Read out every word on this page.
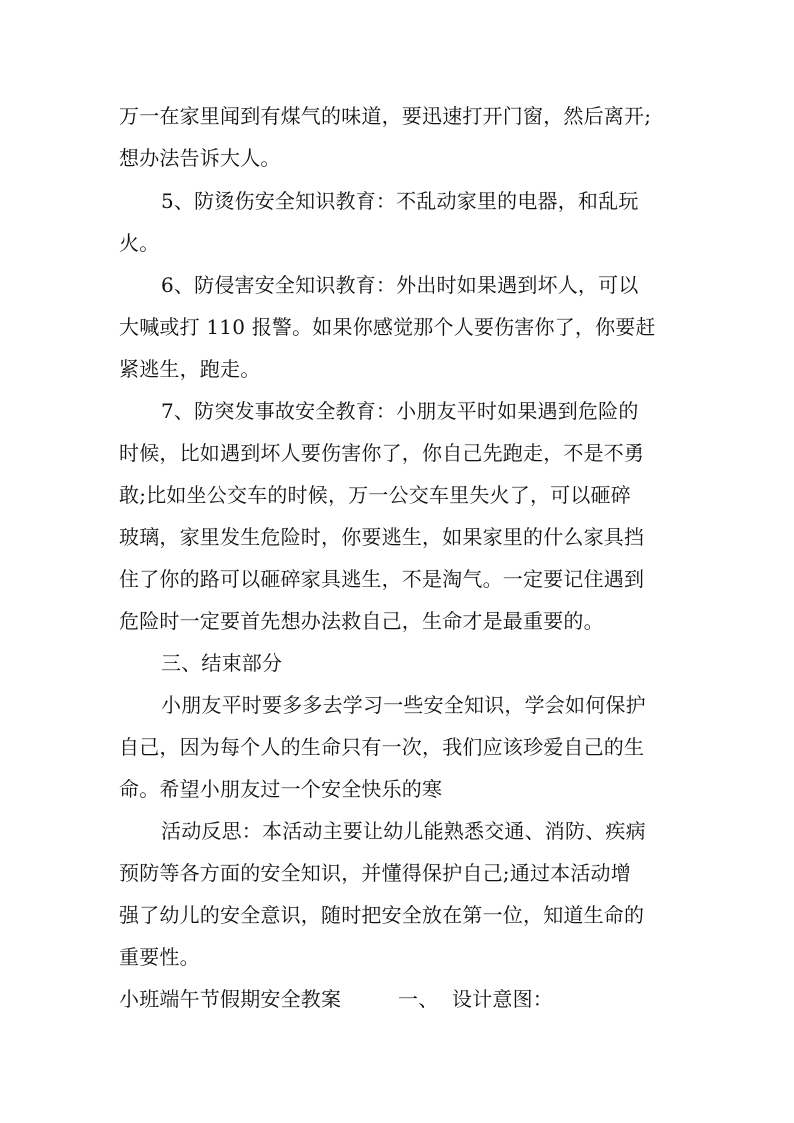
万一在家里闻到有煤气的味道，要迅速打开门窗，然后离开;
想办法告诉大人。
5、防烫伤安全知识教育：不乱动家里的电器，和乱玩
火。
6、防侵害安全知识教育：外出时如果遇到坏人，可以
大喊或打 110 报警。如果你感觉那个人要伤害你了，你要赶
紧逃生，跑走。
7、防突发事故安全教育：小朋友平时如果遇到危险的
时候，比如遇到坏人要伤害你了，你自己先跑走，不是不勇
敢;比如坐公交车的时候，万一公交车里失火了，可以砸碎
玻璃，家里发生危险时，你要逃生，如果家里的什么家具挡
住了你的路可以砸碎家具逃生，不是淘气。一定要记住遇到
危险时一定要首先想办法救自己，生命才是最重要的。
三、结束部分
小朋友平时要多多去学习一些安全知识，学会如何保护
自己，因为每个人的生命只有一次，我们应该珍爱自己的生
命。希望小朋友过一个安全快乐的寒
活动反思：本活动主要让幼儿能熟悉交通、消防、疾病
预防等各方面的安全知识，并懂得保护自己;通过本活动增
强了幼儿的安全意识，随时把安全放在第一位，知道生命的
重要性。
小班端午节假期安全教案	一、 设计意图：
